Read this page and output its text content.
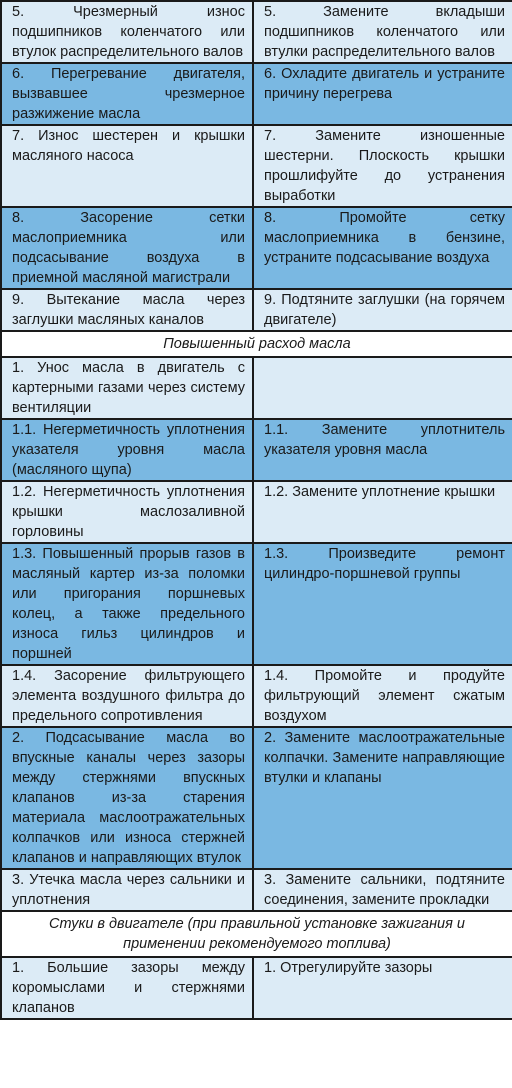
5. Чрезмерный износ подшипников коленчатого или втулок распределительного валов	5. Замените вкладыши подшипников коленчатого или втулки распределительного валов
6. Перегревание двигателя, вызвавшее чрезмерное разжижение масла	6. Охладите двигатель и устраните причину перегрева
7. Износ шестерен и крышки масляного насоса	7. Замените изношенные шестерни. Плоскость крышки прошлифуйте до устранения выработки
8. Засорение сетки маслоприемника или подсасывание воздуха в приемной масляной магистрали	8. Промойте сетку маслоприемника в бензине, устраните подсасывание воздуха
9. Вытекание масла через заглушки масляных каналов	9. Подтяните заглушки (на горячем двигателе)
Повышенный расход масла	
1. Унос масла в двигатель с картерными газами через систему вентиляции	
1.1. Негерметичность уплотнения указателя уровня масла (масляного щупа)	1.1. Замените уплотнитель указателя уровня масла
1.2. Негерметичность уплотнения крышки маслозаливной горловины	1.2. Замените уплотнение крышки
1.3. Повышенный прорыв газов в масляный картер из-за поломки или пригорания поршневых колец, а также предельного износа гильз цилиндров и поршней	1.3. Произведите ремонт цилиндро-поршневой группы
1.4. Засорение фильтрующего элемента воздушного фильтра до предельного сопротивления	1.4. Промойте и продуйте фильтрующий элемент сжатым воздухом
2. Подсасывание масла во впускные каналы через зазоры между стержнями впускных клапанов из-за старения материала маслоотражательных колпачков или износа стержней клапанов и направляющих втулок	2. Замените маслоотражательные колпачки. Замените направляющие втулки и клапаны
3. Утечка масла через сальники и уплотнения	3. Замените сальники, подтяните соединения, замените прокладки
Стуки в двигателе (при правильной установке зажигания и применении рекомендуемого топлива)	
1. Большие зазоры между коромыслами и стержнями клапанов	1. Отрегулируйте зазоры
